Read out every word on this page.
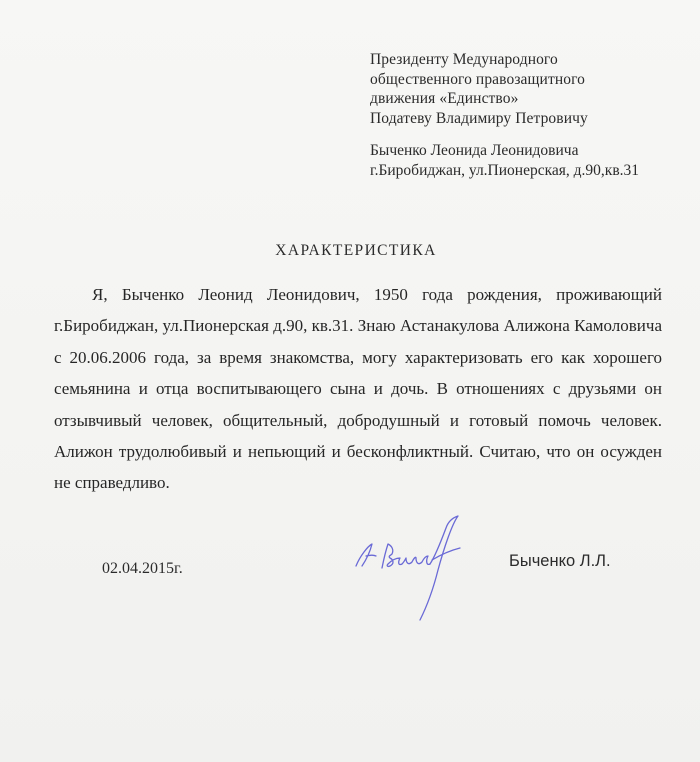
Президенту Медународного
общественного правозащитного
движения «Единство»
Податеву Владимиру Петровичу
Быченко Леонида Леонидовича
г.Биробиджан, ул.Пионерская, д.90,кв.31
ХАРАКТЕРИСТИКА

Я, Быченко Леонид Леонидович, 1950 года рождения, проживающий г.Биробиджан, ул.Пионерская д.90, кв.31. Знаю Астанакулова Алижона Камоловича с 20.06.2006 года, за время знакомства, могу характеризовать его как хорошего семьянина и отца воспитывающего сына и дочь. В отношениях с друзьями он отзывчивый человек, общительный, добродушный и готовый помочь человек. Алижон трудолюбивый и непьющий и бесконфликтный. Считаю, что он осужден не справедливо.

02.04.2015г.	Быченко Л.Л.
